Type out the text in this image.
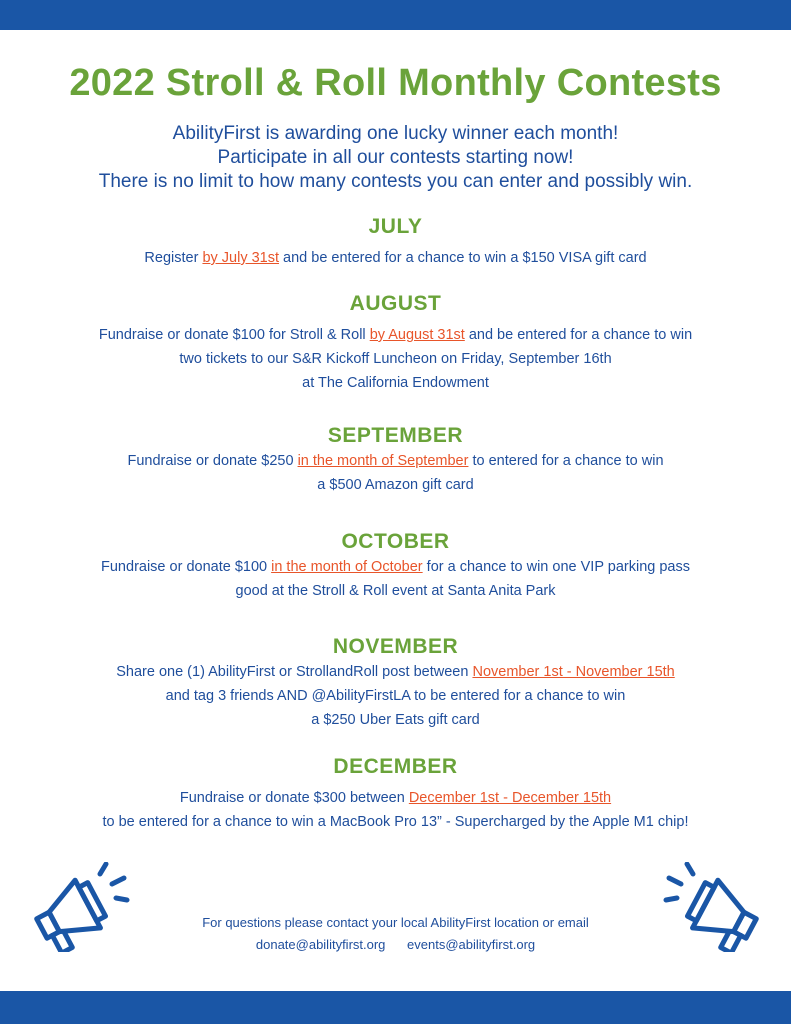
2022 Stroll & Roll Monthly Contests
AbilityFirst is awarding one lucky winner each month!
Participate in all our contests starting now!
There is no limit to how many contests you can enter and possibly win.
JULY
Register by July 31st and be entered for a chance to win a $150 VISA gift card
AUGUST
Fundraise or donate $100 for Stroll & Roll by August 31st and be entered for a chance to win
two tickets to our S&R Kickoff Luncheon on Friday, September 16th
at The California Endowment
SEPTEMBER
Fundraise or donate $250 in the month of September to entered for a chance to win
a $500 Amazon gift card
OCTOBER
Fundraise or donate $100 in the month of October for a chance to win one VIP parking pass
good at the Stroll & Roll event at Santa Anita Park
NOVEMBER
Share one (1) AbilityFirst or StrollandRoll post between November 1st - November 15th
and tag 3 friends AND @AbilityFirstLA to be entered for a chance to win
a $250 Uber Eats gift card
DECEMBER
Fundraise or donate $300 between December 1st - December 15th
to be entered for a chance to win a MacBook Pro 13” - Supercharged by the Apple M1 chip!
For questions please contact your local AbilityFirst location or email
donate@abilityfirst.org events@abilityfirst.org
